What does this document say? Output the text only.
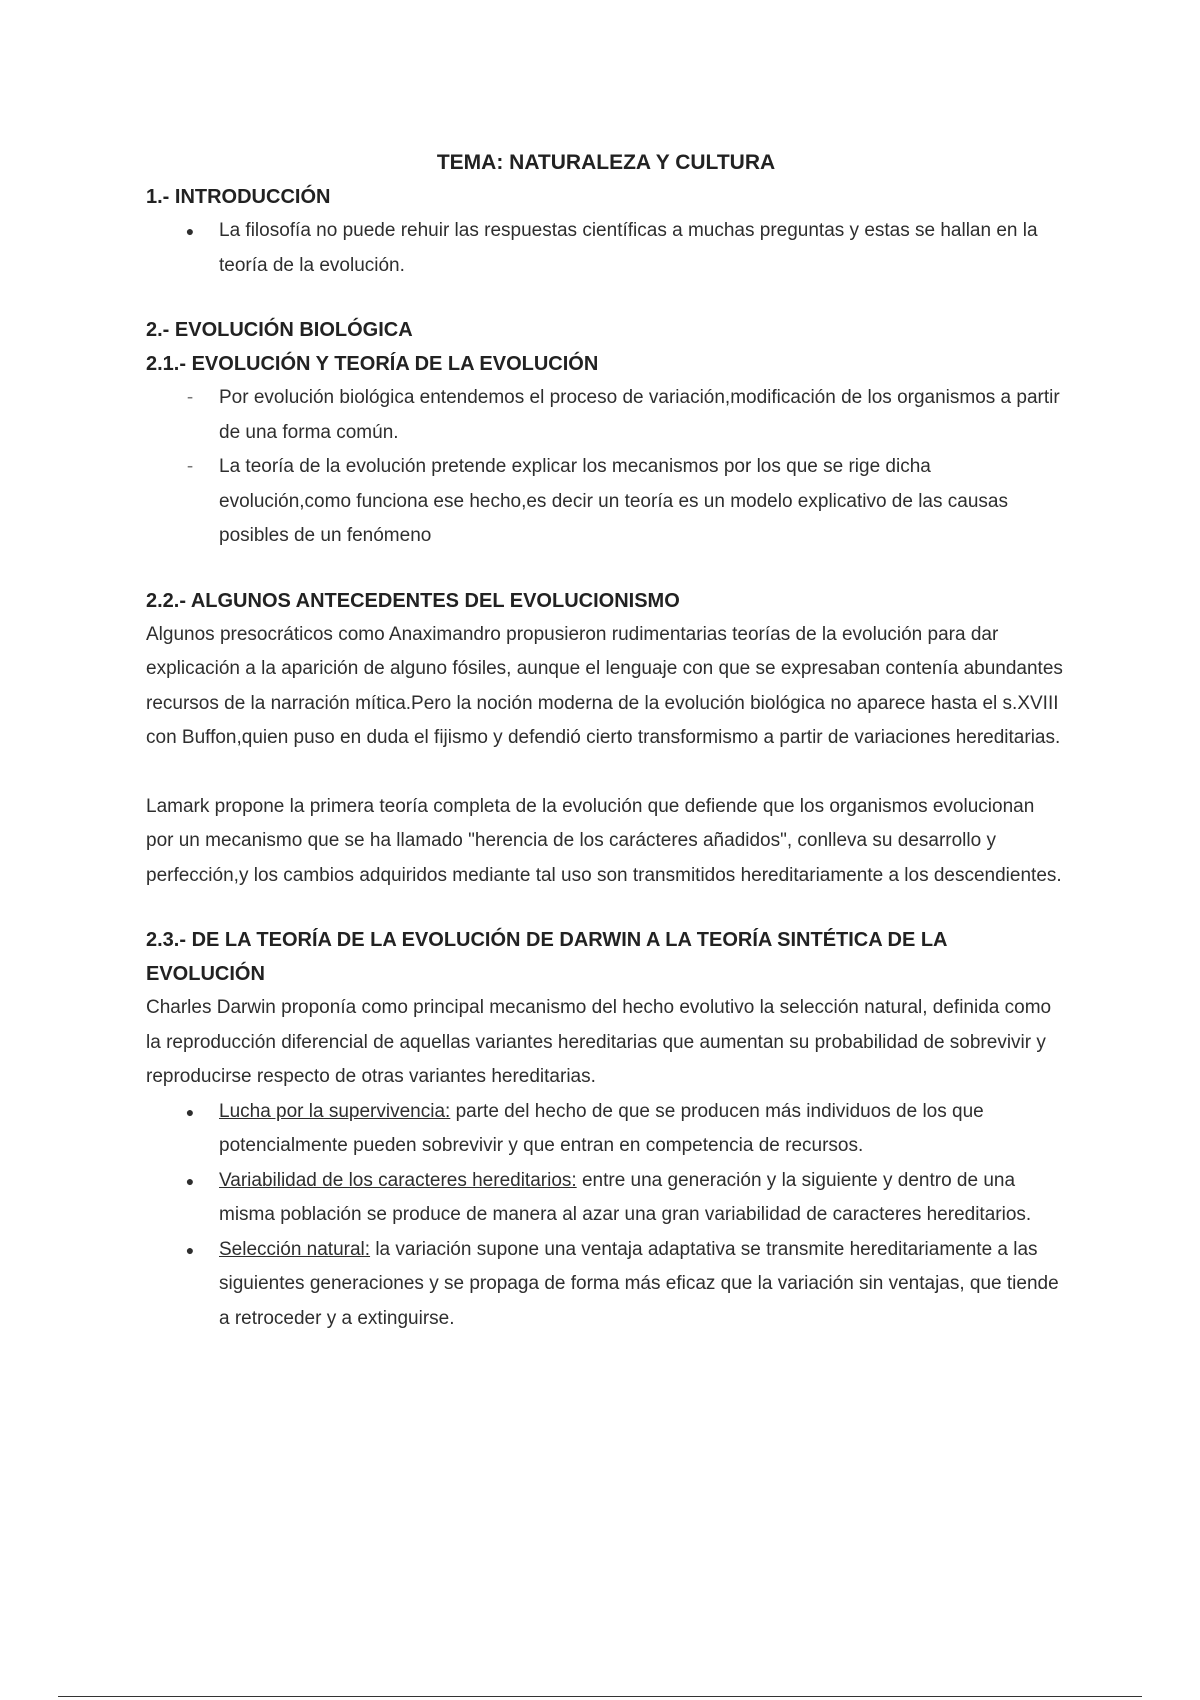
TEMA: NATURALEZA Y CULTURA

1.- INTRODUCCIÓN

● La filosofía no puede rehuir las respuestas científicas a muchas preguntas y estas se hallan en la teoría de la evolución.

2.- EVOLUCIÓN BIOLÓGICA

2.1.- EVOLUCIÓN Y TEORÍA DE LA EVOLUCIÓN

- Por evolución biológica entendemos el proceso de variación,modificación de los organismos a partir de una forma común.
- La teoría de la evolución pretende explicar los mecanismos por los que se rige dicha evolución,como funciona ese hecho,es decir un teoría es un modelo explicativo de las causas posibles de un fenómeno

2.2.- ALGUNOS ANTECEDENTES DEL EVOLUCIONISMO

Algunos presocráticos como Anaximandro propusieron rudimentarias teorías de la evolución para dar explicación a la aparición de alguno fósiles, aunque el lenguaje con que se expresaban contenía abundantes recursos de la narración mítica.Pero la noción moderna de la evolución biológica no aparece hasta el s.XVIII con Buffon,quien puso en duda el fijismo y defendió cierto transformismo a partir de variaciones hereditarias.

Lamark propone la primera teoría completa de la evolución que defiende que los organismos evolucionan por un mecanismo que se ha llamado "herencia de los carácteres añadidos", conlleva su desarrollo y perfección,y los cambios adquiridos mediante tal uso son transmitidos hereditariamente a los descendientes.

2.3.- DE LA TEORÍA DE LA EVOLUCIÓN DE DARWIN A LA TEORÍA SINTÉTICA DE LA EVOLUCIÓN

Charles Darwin proponía como principal mecanismo del hecho evolutivo la selección natural, definida como la reproducción diferencial de aquellas variantes hereditarias que aumentan su probabilidad de sobrevivir y reproducirse respecto de otras variantes hereditarias.

● Lucha por la supervivencia: parte del hecho de que se producen más individuos de los que potencialmente pueden sobrevivir y que entran en competencia de recursos.
● Variabilidad de los caracteres hereditarios: entre una generación y la siguiente y dentro de una misma población se produce de manera al azar una gran variabilidad de caracteres hereditarios.
● Selección natural: la variación supone una ventaja adaptativa se transmite hereditariamente a las siguientes generaciones y se propaga de forma más eficaz que la variación sin ventajas, que tiende a retroceder y a extinguirse.
